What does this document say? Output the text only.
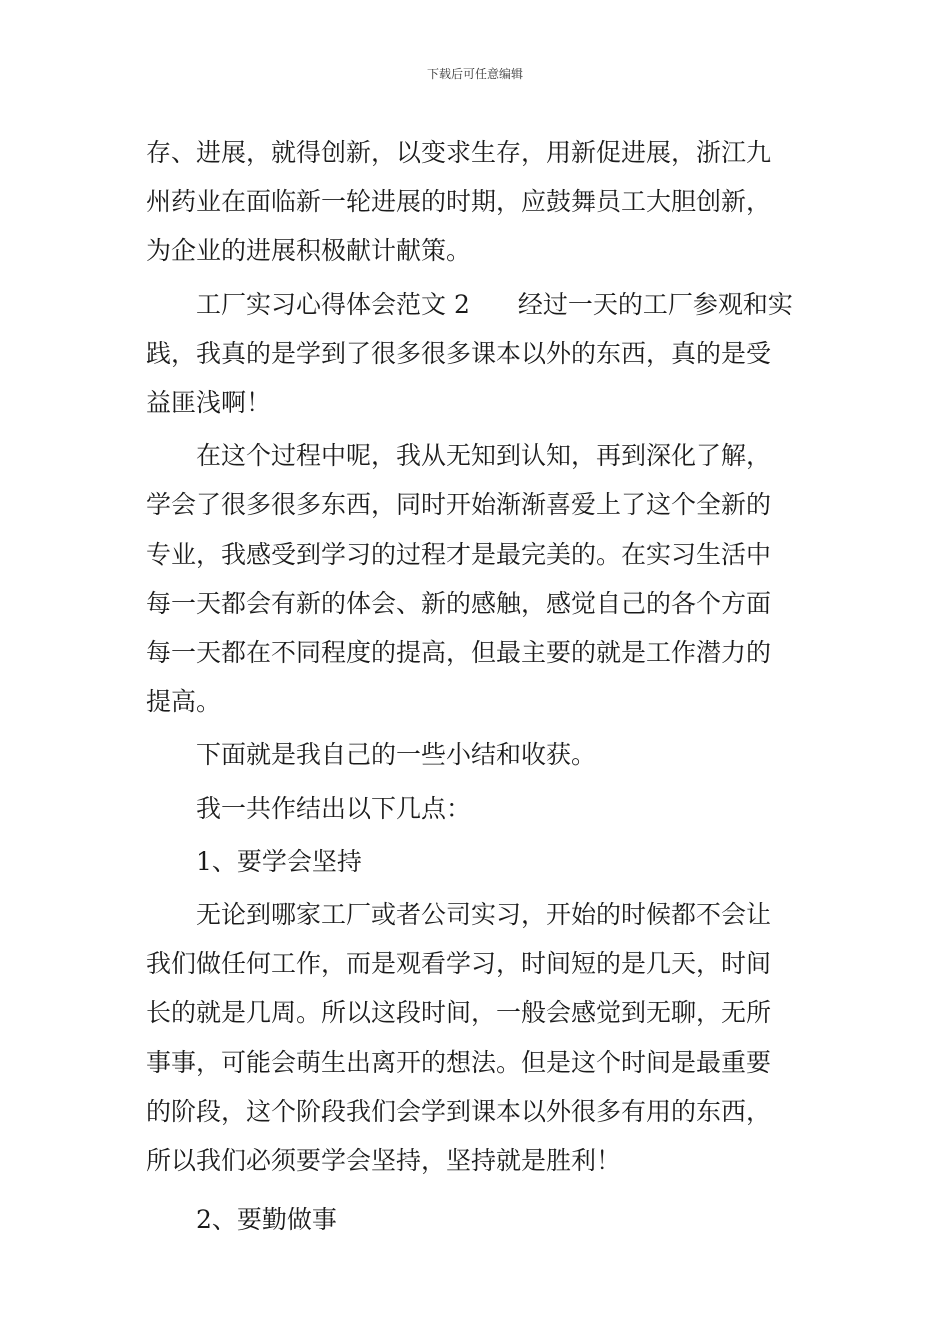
下载后可任意编辑

存、进展，就得创新，以变求生存，用新促进展，浙江九
州药业在面临新一轮进展的时期，应鼓舞员工大胆创新，
为企业的进展积极献计献策。

工厂实习心得体会范文 2 经过一天的工厂参观和实
践，我真的是学到了很多很多课本以外的东西，真的是受
益匪浅啊！

在这个过程中呢，我从无知到认知，再到深化了解，
学会了很多很多东西，同时开始渐渐喜爱上了这个全新的
专业，我感受到学习的过程才是最完美的。在实习生活中
每一天都会有新的体会、新的感触，感觉自己的各个方面
每一天都在不同程度的提高，但最主要的就是工作潜力的
提高。

下面就是我自己的一些小结和收获。

我一共作结出以下几点：

1、要学会坚持

无论到哪家工厂或者公司实习，开始的时候都不会让
我们做任何工作，而是观看学习，时间短的是几天，时间
长的就是几周。所以这段时间，一般会感觉到无聊，无所
事事，可能会萌生出离开的想法。但是这个时间是最重要
的阶段，这个阶段我们会学到课本以外很多有用的东西，
所以我们必须要学会坚持，坚持就是胜利！

2、要勤做事
